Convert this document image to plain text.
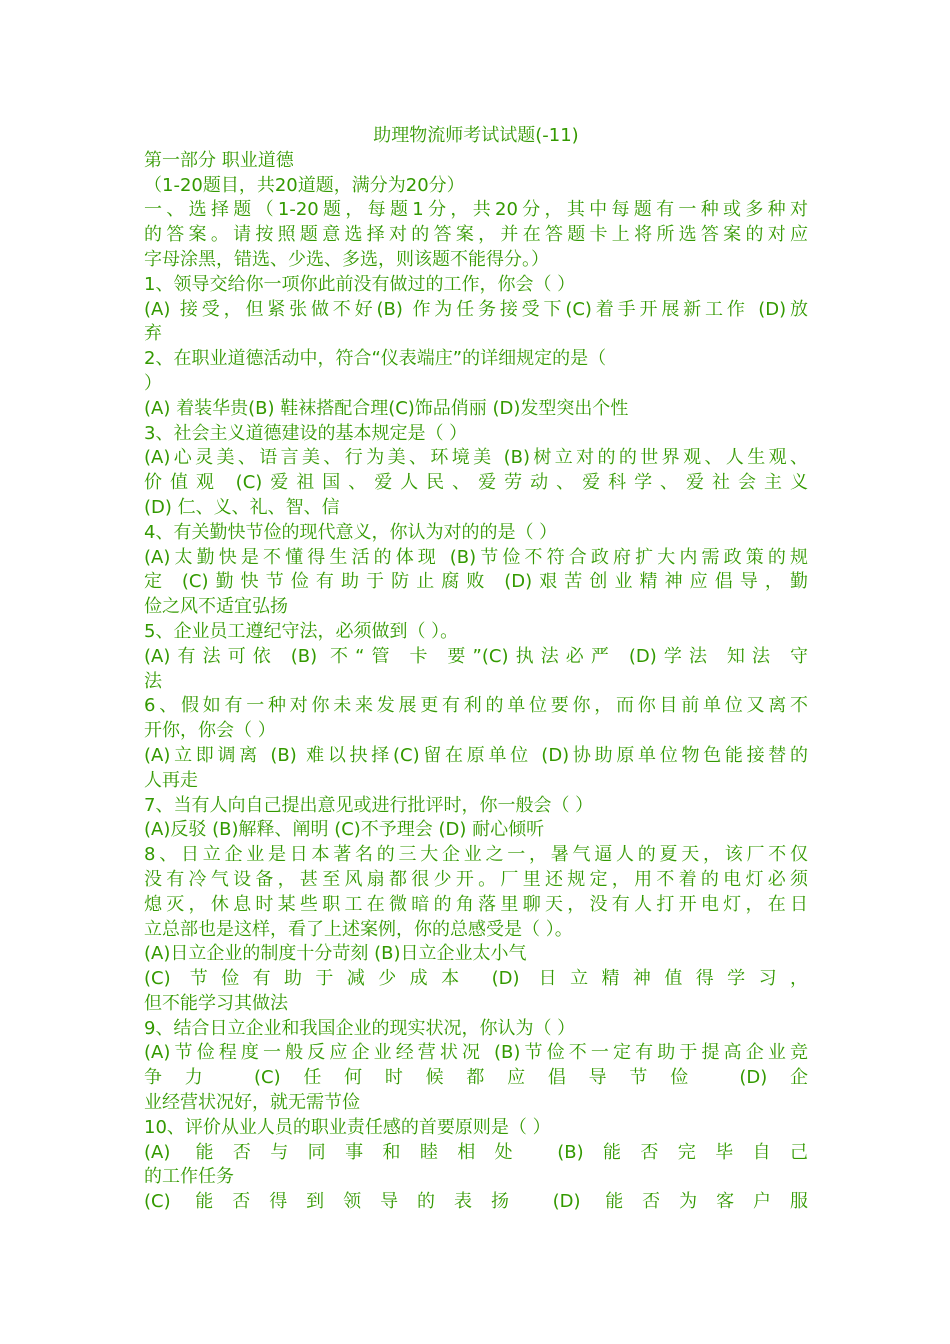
助理物流师考试试题(-11)
第一部分 职业道德
（1-20题目，共20道题，满分为20分）
一、选择题（1-20题，每题1分，共20分，其中每题有一种或多种对
的答案。请按照题意选择对的答案，并在答题卡上将所选答案的对应
字母涂黑，错选、少选、多选，则该题不能得分。）
1、领导交给你一项你此前没有做过的工作，你会（ ）
(A) 接受，但紧张做不好(B) 作为任务接受下(C)着手开展新工作 (D)放
弃
2、在职业道德活动中，符合“仪表端庄”的详细规定的是（
）
(A) 着装华贵(B) 鞋袜搭配合理(C)饰品俏丽 (D)发型突出个性
3、社会主义道德建设的基本规定是（ ）
(A)心灵美、语言美、行为美、环境美 (B)树立对的的世界观、人生观、
价值观 (C)爱祖国、爱人民、爱劳动、爱科学、爱社会主义
(D) 仁、义、礼、智、信
4、有关勤快节俭的现代意义，你认为对的的是（ ）
(A)太勤快是不懂得生活的体现 (B)节俭不符合政府扩大内需政策的规
定 (C)勤快节俭有助于防止腐败 (D)艰苦创业精神应倡导，勤
俭之风不适宜弘扬
5、企业员工遵纪守法，必须做到（ ）。
(A)有法可依 (B) 不“管 卡 要”(C)执法必严 (D)学法 知法 守
法
6、假如有一种对你未来发展更有利的单位要你，而你目前单位又离不
开你，你会（ ）
(A)立即调离 (B) 难以抉择(C)留在原单位 (D)协助原单位物色能接替的
人再走
7、当有人向自己提出意见或进行批评时，你一般会（ ）
(A)反驳 (B)解释、阐明 (C)不予理会 (D) 耐心倾听
8、日立企业是日本著名的三大企业之一，暑气逼人的夏天，该厂不仅
没有冷气设备，甚至风扇都很少开。厂里还规定，用不着的电灯必须
熄灭，休息时某些职工在微暗的角落里聊天，没有人打开电灯，在日
立总部也是这样，看了上述案例，你的总感受是（ ）。
(A)日立企业的制度十分苛刻 (B)日立企业太小气
(C) 节俭有助于减少成本 (D) 日立精神值得学习，
但不能学习其做法
9、结合日立企业和我国企业的现实状况，你认为（ ）
(A)节俭程度一般反应企业经营状况 (B)节俭不一定有助于提高企业竞
争力 (C)任何时候都应倡导节俭 (D)企
业经营状况好，就无需节俭
10、评价从业人员的职业责任感的首要原则是（ ）
(A) 能否与同事和睦相处 (B)能否完毕自己
的工作任务
(C) 能否得到领导的表扬 (D) 能否为客户服
